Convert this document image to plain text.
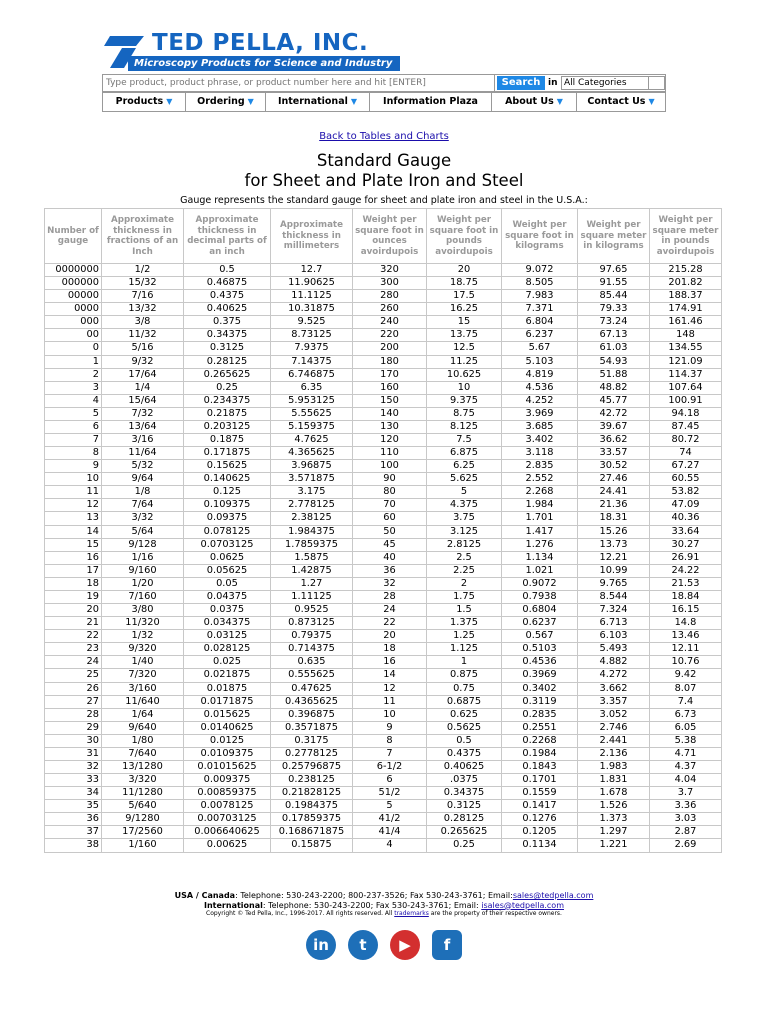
TED PELLA, INC.
Microscopy Products for Science and Industry
Type product, product phrase, or product number here and hit [ENTER]
Search in All Categories
Products ▼	Ordering ▼	International ▼	Information Plaza	About Us ▼	Contact Us ▼
Back to Tables and Charts
Standard Gauge
for Sheet and Plate Iron and Steel
Gauge represents the standard gauge for sheet and plate iron and steel in the U.S.A.:
Number of gauge	Approximate thickness in fractions of an Inch	Approximate thickness in decimal parts of an inch	Approximate thickness in millimeters	Weight per square foot in ounces avoirdupois	Weight per square foot in pounds avoirdupois	Weight per square foot in kilograms	Weight per square meter in kilograms	Weight per square meter in pounds avoirdupois
0000000	1/2	0.5	12.7	320	20	9.072	97.65	215.28
000000	15/32	0.46875	11.90625	300	18.75	8.505	91.55	201.82
00000	7/16	0.4375	11.1125	280	17.5	7.983	85.44	188.37
0000	13/32	0.40625	10.31875	260	16.25	7.371	79.33	174.91
000	3/8	0.375	9.525	240	15	6.804	73.24	161.46
00	11/32	0.34375	8.73125	220	13.75	6.237	67.13	148
0	5/16	0.3125	7.9375	200	12.5	5.67	61.03	134.55
1	9/32	0.28125	7.14375	180	11.25	5.103	54.93	121.09
2	17/64	0.265625	6.746875	170	10.625	4.819	51.88	114.37
3	1/4	0.25	6.35	160	10	4.536	48.82	107.64
4	15/64	0.234375	5.953125	150	9.375	4.252	45.77	100.91
5	7/32	0.21875	5.55625	140	8.75	3.969	42.72	94.18
6	13/64	0.203125	5.159375	130	8.125	3.685	39.67	87.45
7	3/16	0.1875	4.7625	120	7.5	3.402	36.62	80.72
8	11/64	0.171875	4.365625	110	6.875	3.118	33.57	74
9	5/32	0.15625	3.96875	100	6.25	2.835	30.52	67.27
10	9/64	0.140625	3.571875	90	5.625	2.552	27.46	60.55
11	1/8	0.125	3.175	80	5	2.268	24.41	53.82
12	7/64	0.109375	2.778125	70	4.375	1.984	21.36	47.09
13	3/32	0.09375	2.38125	60	3.75	1.701	18.31	40.36
14	5/64	0.078125	1.984375	50	3.125	1.417	15.26	33.64
15	9/128	0.0703125	1.7859375	45	2.8125	1.276	13.73	30.27
16	1/16	0.0625	1.5875	40	2.5	1.134	12.21	26.91
17	9/160	0.05625	1.42875	36	2.25	1.021	10.99	24.22
18	1/20	0.05	1.27	32	2	0.9072	9.765	21.53
19	7/160	0.04375	1.11125	28	1.75	0.7938	8.544	18.84
20	3/80	0.0375	0.9525	24	1.5	0.6804	7.324	16.15
21	11/320	0.034375	0.873125	22	1.375	0.6237	6.713	14.8
22	1/32	0.03125	0.79375	20	1.25	0.567	6.103	13.46
23	9/320	0.028125	0.714375	18	1.125	0.5103	5.493	12.11
24	1/40	0.025	0.635	16	1	0.4536	4.882	10.76
25	7/320	0.021875	0.555625	14	0.875	0.3969	4.272	9.42
26	3/160	0.01875	0.47625	12	0.75	0.3402	3.662	8.07
27	11/640	0.0171875	0.4365625	11	0.6875	0.3119	3.357	7.4
28	1/64	0.015625	0.396875	10	0.625	0.2835	3.052	6.73
29	9/640	0.0140625	0.3571875	9	0.5625	0.2551	2.746	6.05
30	1/80	0.0125	0.3175	8	0.5	0.2268	2.441	5.38
31	7/640	0.0109375	0.2778125	7	0.4375	0.1984	2.136	4.71
32	13/1280	0.01015625	0.25796875	6-1/2	0.40625	0.1843	1.983	4.37
33	3/320	0.009375	0.238125	6	.0375	0.1701	1.831	4.04
34	11/1280	0.00859375	0.21828125	51/2	0.34375	0.1559	1.678	3.7
35	5/640	0.0078125	0.1984375	5	0.3125	0.1417	1.526	3.36
36	9/1280	0.00703125	0.17859375	41/2	0.28125	0.1276	1.373	3.03
37	17/2560	0.006640625	0.168671875	41/4	0.265625	0.1205	1.297	2.87
38	1/160	0.00625	0.15875	4	0.25	0.1134	1.221	2.69
USA / Canada: Telephone: 530-243-2200; 800-237-3526; Fax 530-243-3761; Email:sales@tedpella.com
International: Telephone: 530-243-2200; Fax 530-243-3761; Email: isales@tedpella.com
Copyright © Ted Pella, Inc., 1996-2017. All rights reserved. All trademarks are the property of their respective owners.
in	t	▶	f
